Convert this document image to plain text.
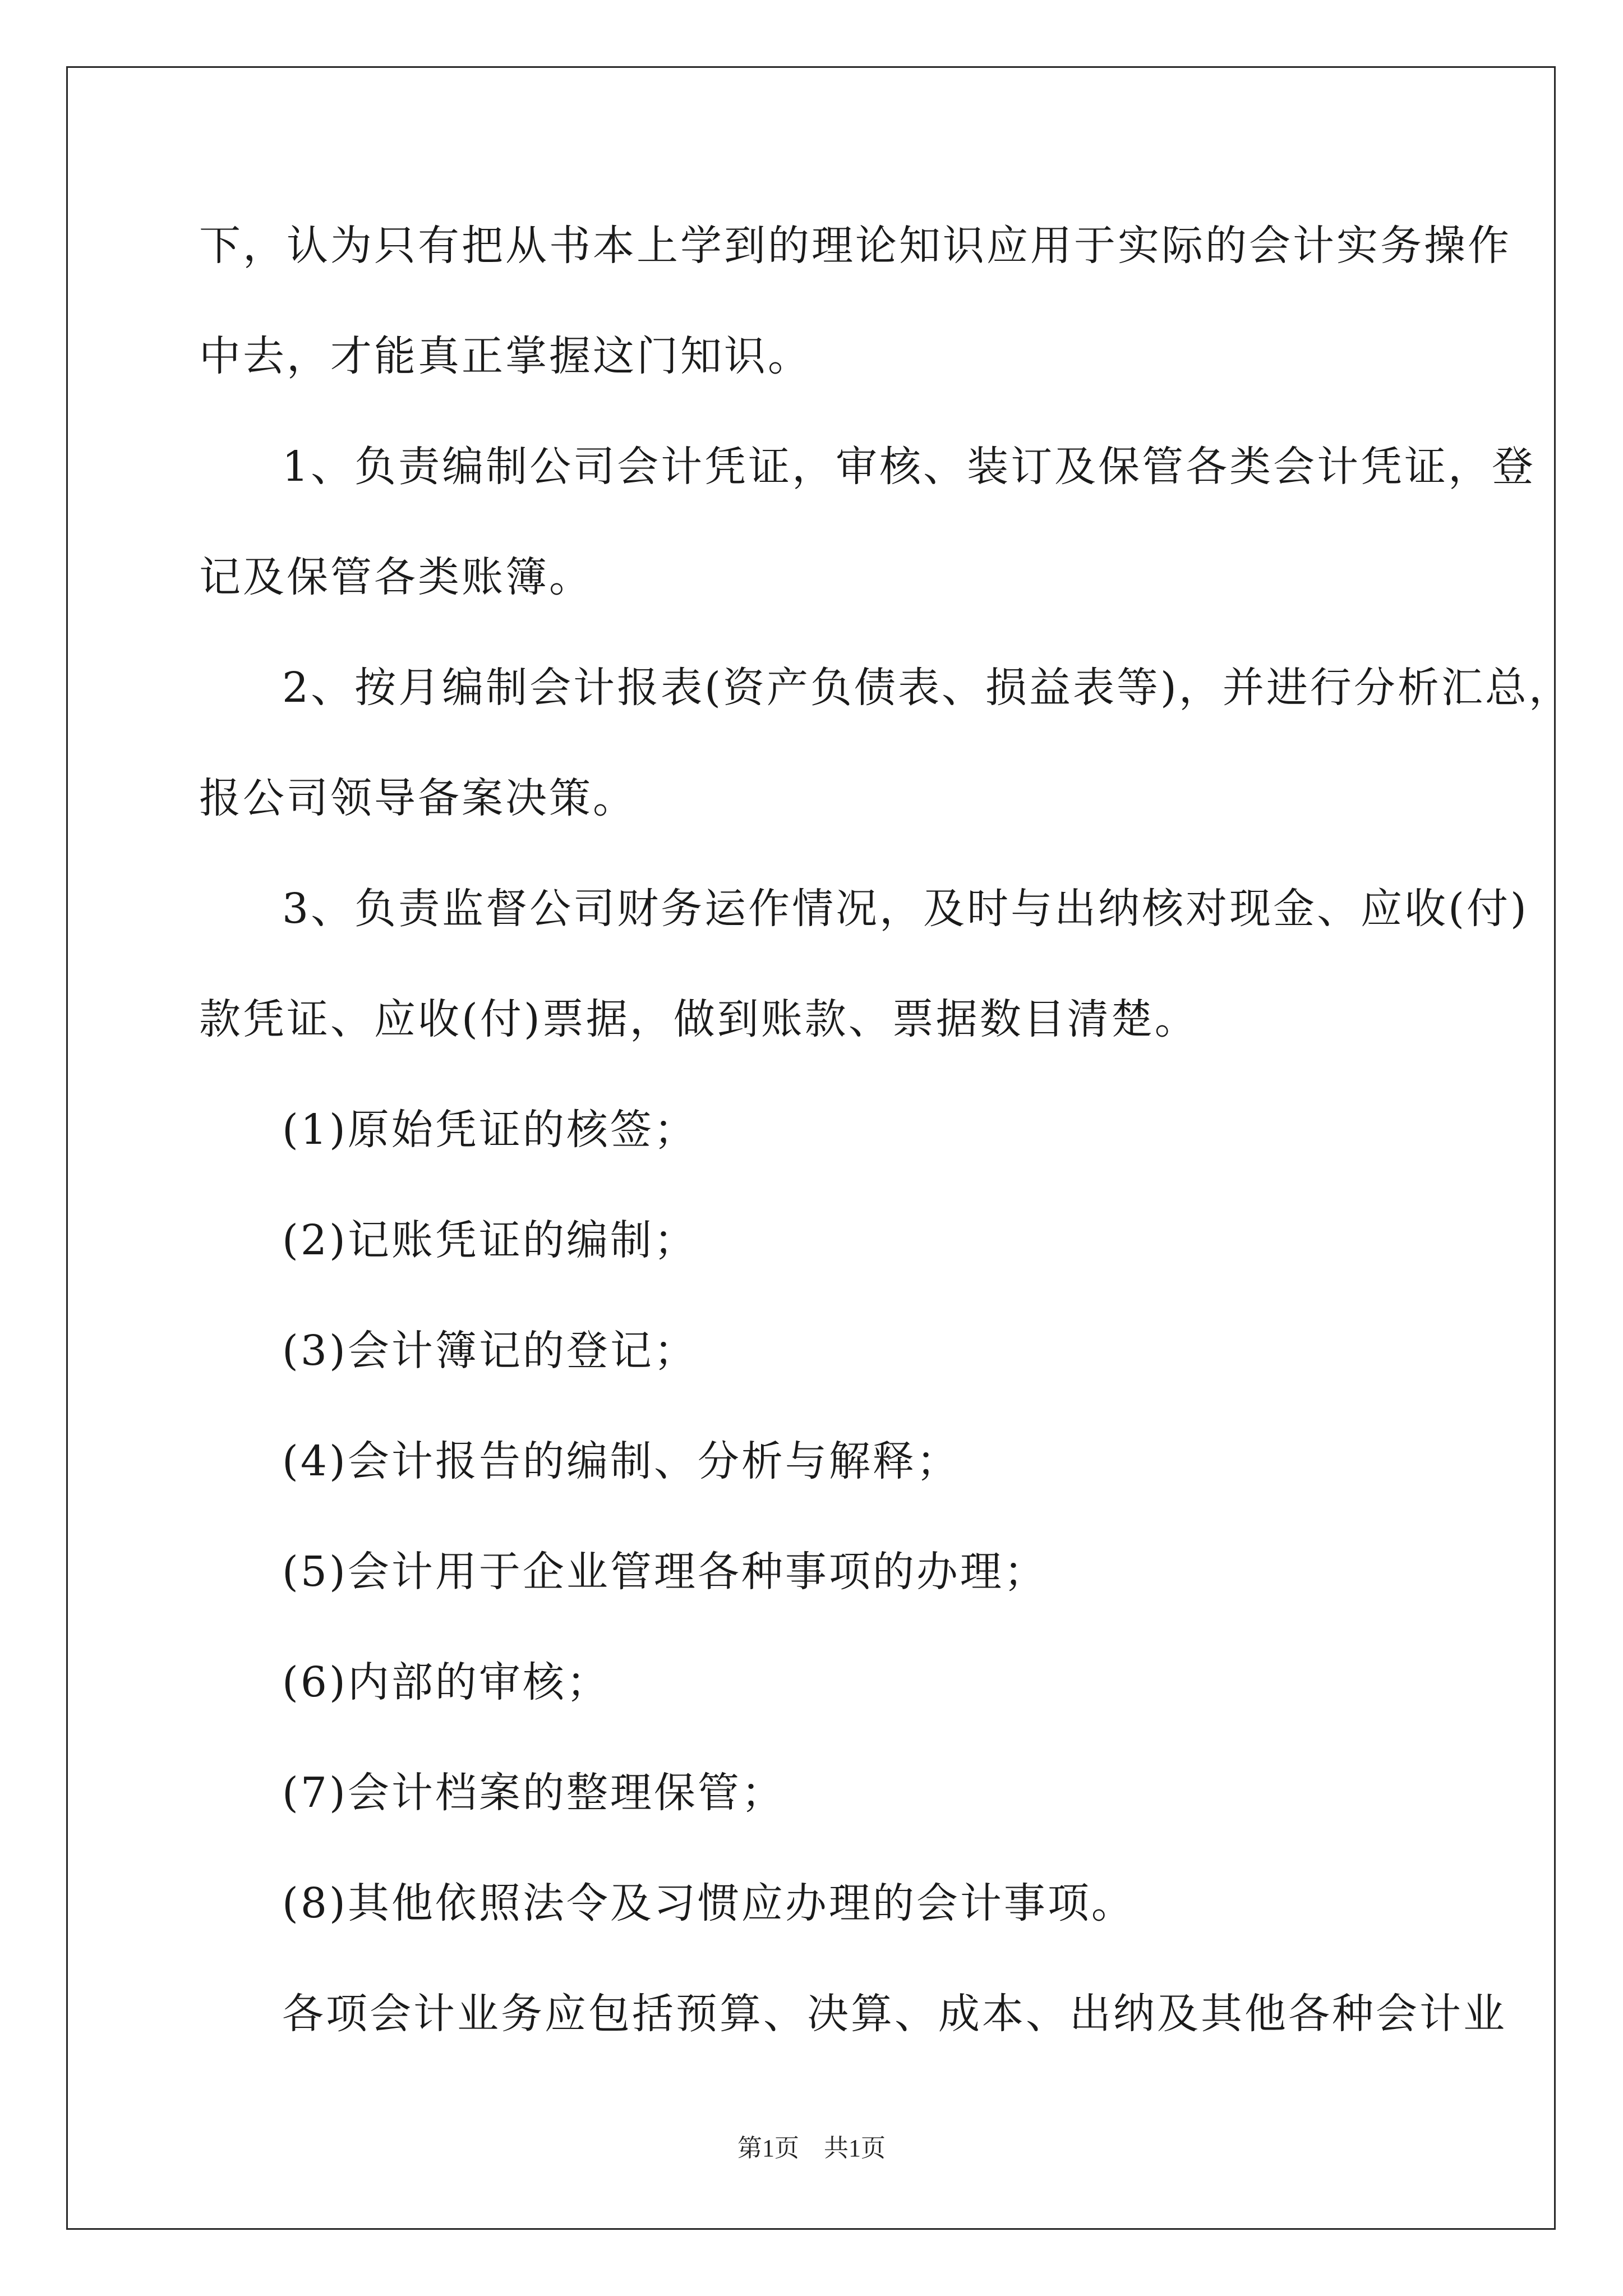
下，认为只有把从书本上学到的理论知识应用于实际的会计实务操作
中去，才能真正掌握这门知识。
1、负责编制公司会计凭证，审核、装订及保管各类会计凭证，登
记及保管各类账簿。
2、按月编制会计报表(资产负债表、损益表等)，并进行分析汇总，
报公司领导备案决策。
3、负责监督公司财务运作情况，及时与出纳核对现金、应收(付)
款凭证、应收(付)票据，做到账款、票据数目清楚。
(1)原始凭证的核签；
(2)记账凭证的编制；
(3)会计簿记的登记；
(4)会计报告的编制、分析与解释；
(5)会计用于企业管理各种事项的办理；
(6)内部的审核；
(7)会计档案的整理保管；
(8)其他依照法令及习惯应办理的会计事项。
各项会计业务应包括预算、决算、成本、出纳及其他各种会计业
第1页　共1页
